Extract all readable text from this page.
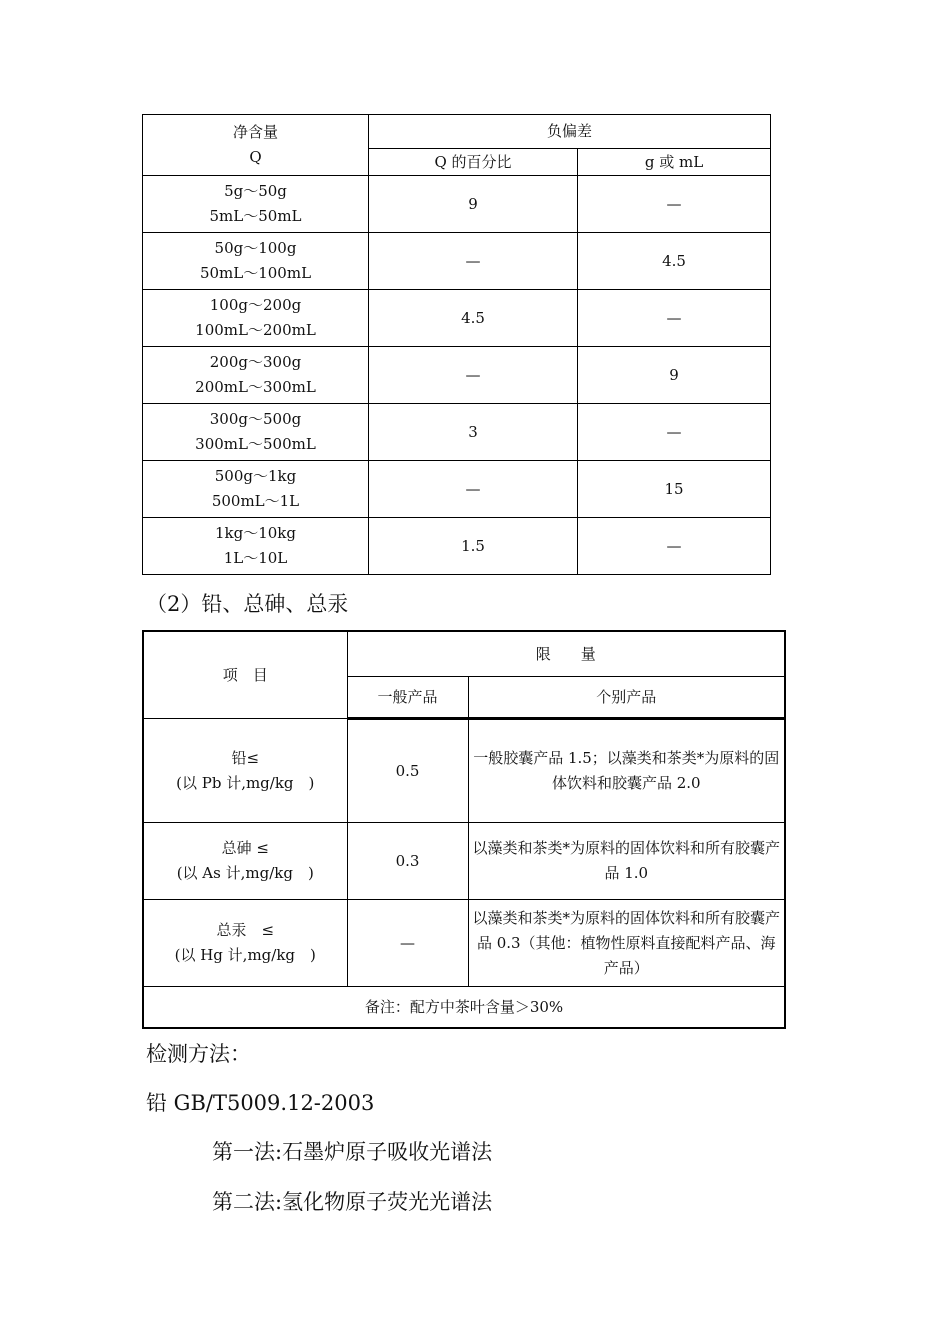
净含量
Q	负偏差	
	Q 的百分比	g 或 mL

5g～50g
5mL～50mL	9	—

50g～100g
50mL～100mL	—	4.5

100g～200g
100mL～200mL	4.5	—

200g～300g
200mL～300mL	—	9

300g～500g
300mL～500mL	3	—

500g～1kg
500mL～1L	—	15

1kg～10kg
1L～10L	1.5	—
（2）铅、总砷、总汞
项　目	限　　量	
	一般产品	个别产品

铅≤
(以 Pb 计,mg/kg　)	0.5	一般胶囊产品 1.5；以藻类和茶类*为原料的固体饮料和胶囊产品 2.0

总砷 ≤
(以 As 计,mg/kg　)	0.3	以藻类和茶类*为原料的固体饮料和所有胶囊产品 1.0

总汞　≤
(以 Hg 计,mg/kg　)	—	以藻类和茶类*为原料的固体饮料和所有胶囊产品 0.3（其他：植物性原料直接配料产品、海产品）
备注：配方中茶叶含量＞30%		
检测方法：
铅 GB/T5009.12-2003
第一法:石墨炉原子吸收光谱法
第二法:氢化物原子荧光光谱法
